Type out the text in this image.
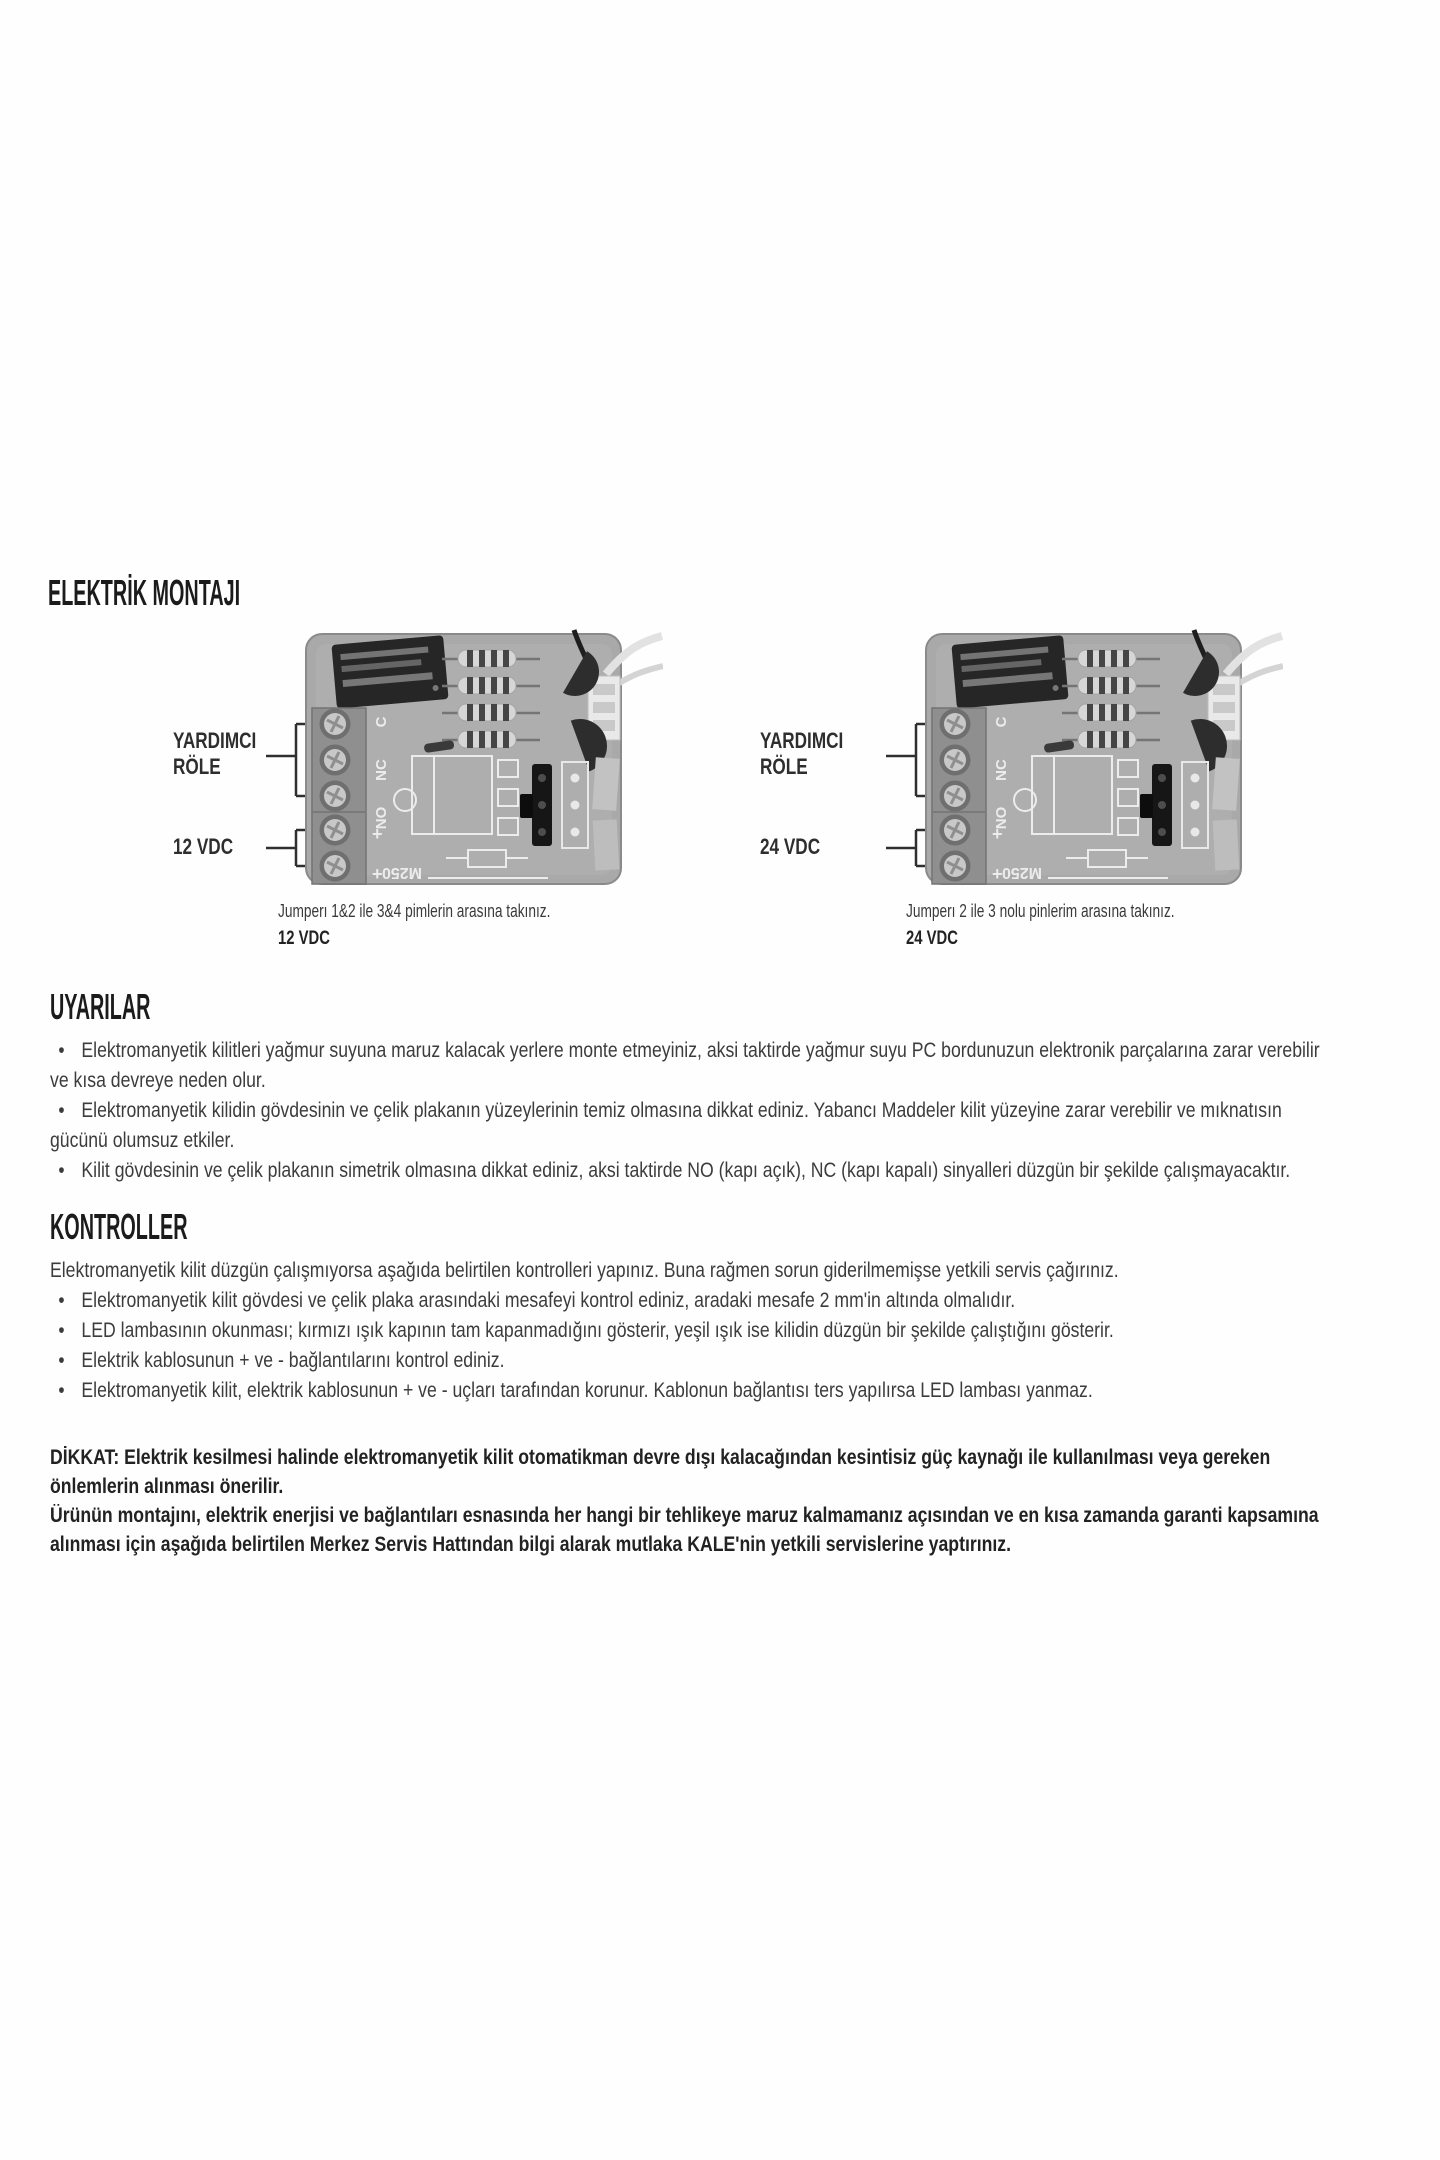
ELEKTRİK MONTAJI
C
NC
NO
M250
+
+
YARDIMCI
RÖLE
12 VDC
C
NC
NO
M250
+
+
YARDIMCI
RÖLE
24 VDC
Jumperı 1&2 ile 3&4 pimlerin arasına takınız.
12 VDC
Jumperı 2 ile 3 nolu pinlerim arasına takınız.
24 VDC
UYARILAR
• Elektromanyetik kilitleri yağmur suyuna maruz kalacak yerlere monte etmeyiniz, aksi taktirde yağmur suyu PC bordunuzun elektronik parçalarına zarar verebilir
ve kısa devreye neden olur.
• Elektromanyetik kilidin gövdesinin ve çelik plakanın yüzeylerinin temiz olmasına dikkat ediniz. Yabancı Maddeler kilit yüzeyine zarar verebilir ve mıknatısın
gücünü olumsuz etkiler.
• Kilit gövdesinin ve çelik plakanın simetrik olmasına dikkat ediniz, aksi taktirde NO (kapı açık), NC (kapı kapalı) sinyalleri düzgün bir şekilde çalışmayacaktır.
KONTROLLER
Elektromanyetik kilit düzgün çalışmıyorsa aşağıda belirtilen kontrolleri yapınız. Buna rağmen sorun giderilmemişse yetkili servis çağırınız.
• Elektromanyetik kilit gövdesi ve çelik plaka arasındaki mesafeyi kontrol ediniz, aradaki mesafe 2 mm'in altında olmalıdır.
• LED lambasının okunması; kırmızı ışık kapının tam kapanmadığını gösterir, yeşil ışık ise kilidin düzgün bir şekilde çalıştığını gösterir.
• Elektrik kablosunun + ve - bağlantılarını kontrol ediniz.
• Elektromanyetik kilit, elektrik kablosunun + ve - uçları tarafından korunur. Kablonun bağlantısı ters yapılırsa LED lambası yanmaz.
DİKKAT: Elektrik kesilmesi halinde elektromanyetik kilit otomatikman devre dışı kalacağından kesintisiz güç kaynağı ile kullanılması veya gereken
önlemlerin alınması önerilir.
Ürünün montajını, elektrik enerjisi ve bağlantıları esnasında her hangi bir tehlikeye maruz kalmamanız açısından ve en kısa zamanda garanti kapsamına
alınması için aşağıda belirtilen Merkez Servis Hattından bilgi alarak mutlaka KALE'nin yetkili servislerine yaptırınız.
